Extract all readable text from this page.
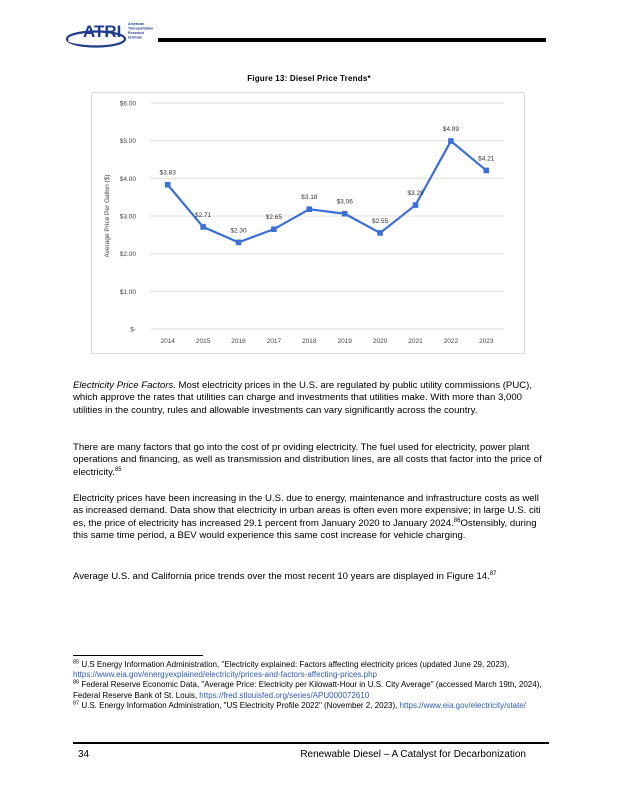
ATRI American
Transportation
Research
Institute
Figure 13: Diesel Price Trends*
$-
$1.00
$2.00
$3.00
$4.00
$5.00
$6.00
2014	2015	2016	2017	2018	2019	2020	2021	2022	2023
Average Price Per Gallon ($)
$3.83
$2.71
$2.30
$2.65
$3.18
$3.06
$2.55
$3.29
$4.99
$4.21

Electricity Price Factors. Most electricity prices in the U.S. are regulated by public utility commissions (PUC), which approve the rates that utilities can charge and investments that utilities make. With more than 3,000 utilities in the country, rules and allowable investments can vary significantly across the country.

There are many factors that go into the cost of pr oviding electricity. The fuel used for electricity, power plant operations and financing, as well as transmission and distribution lines, are all costs that factor into the price of electricity.$^{85}$

Electricity prices have been increasing in the U.S. due to energy, maintenance and infrastructure costs as well as increased demand. Data show that electricity in urban areas is often even more expensive; in large U.S. citi es, the price of electricity has increased 29.1 percent from January 2020 to January 2024.86Ostensibly, during this same time period, a BEV would experience this same cost increase for vehicle charging.

Average U.S. and California price trends over the most recent 10 years are displayed in Figure 14.87

$^{85}$ U.S Energy Information Administration, "Electricity explained: Factors affecting electricity prices (updated June 29, 2023), https://www.eia.gov/energyexplained/electricity/prices-and-factors-affecting-prices.php

$^{86}$ Federal Reserve Economic Data, "Average Price: Electricity per Kilowatt-Hour in U.S. City Average" (accessed March 19th, 2024), Federal Reserve Bank of St. Louis, https://fred.stlouisfed.org/series/APU000072610

$^{87}$ U.S. Energy Information Administration, "US Electricity Profile 2022" (November 2, 2023), https://www.eia.gov/electricity/state/

34	Renewable Diesel – A Catalyst for Decarbonization
